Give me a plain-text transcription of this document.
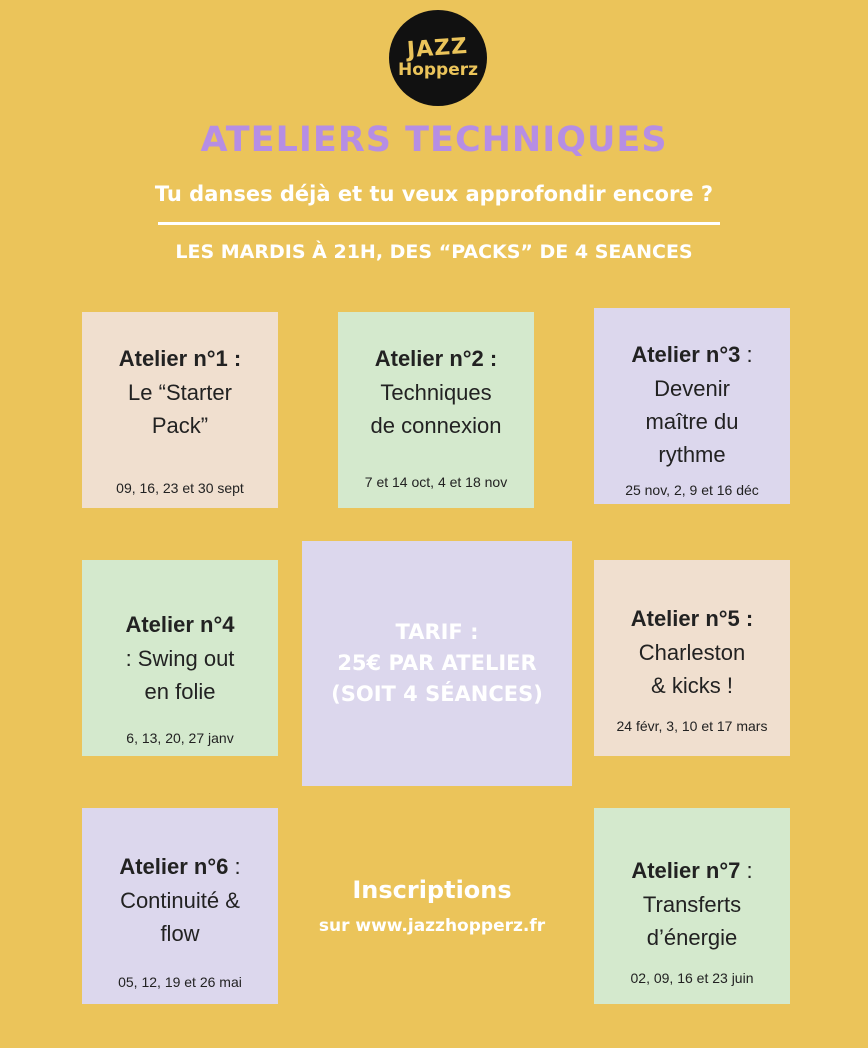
JAZZ
Hopperz
ATELIERS TECHNIQUES
Tu danses déjà et tu veux approfondir encore ?
LES MARDIS À 21H, DES “PACKS” DE 4 SEANCES
Atelier n°1 :
Le “Starter
Pack”
09, 16, 23 et 30 sept
Atelier n°2 :
Techniques
de connexion
7 et 14 oct, 4 et 18 nov
Atelier n°3 :
Devenir
maître du
rythme
25 nov, 2, 9 et 16 déc
Atelier n°4
: Swing out
en folie
6, 13, 20, 27 janv
TARIF :
25€ PAR ATELIER
(SOIT 4 SÉANCES)
Atelier n°5 :
Charleston
& kicks !
24 févr, 3, 10 et 17 mars
Atelier n°6 :
Continuité &
flow
05, 12, 19 et 26 mai
Inscriptions
sur www.jazzhopperz.fr
Atelier n°7 :
Transferts
d’énergie
02, 09, 16 et 23 juin
